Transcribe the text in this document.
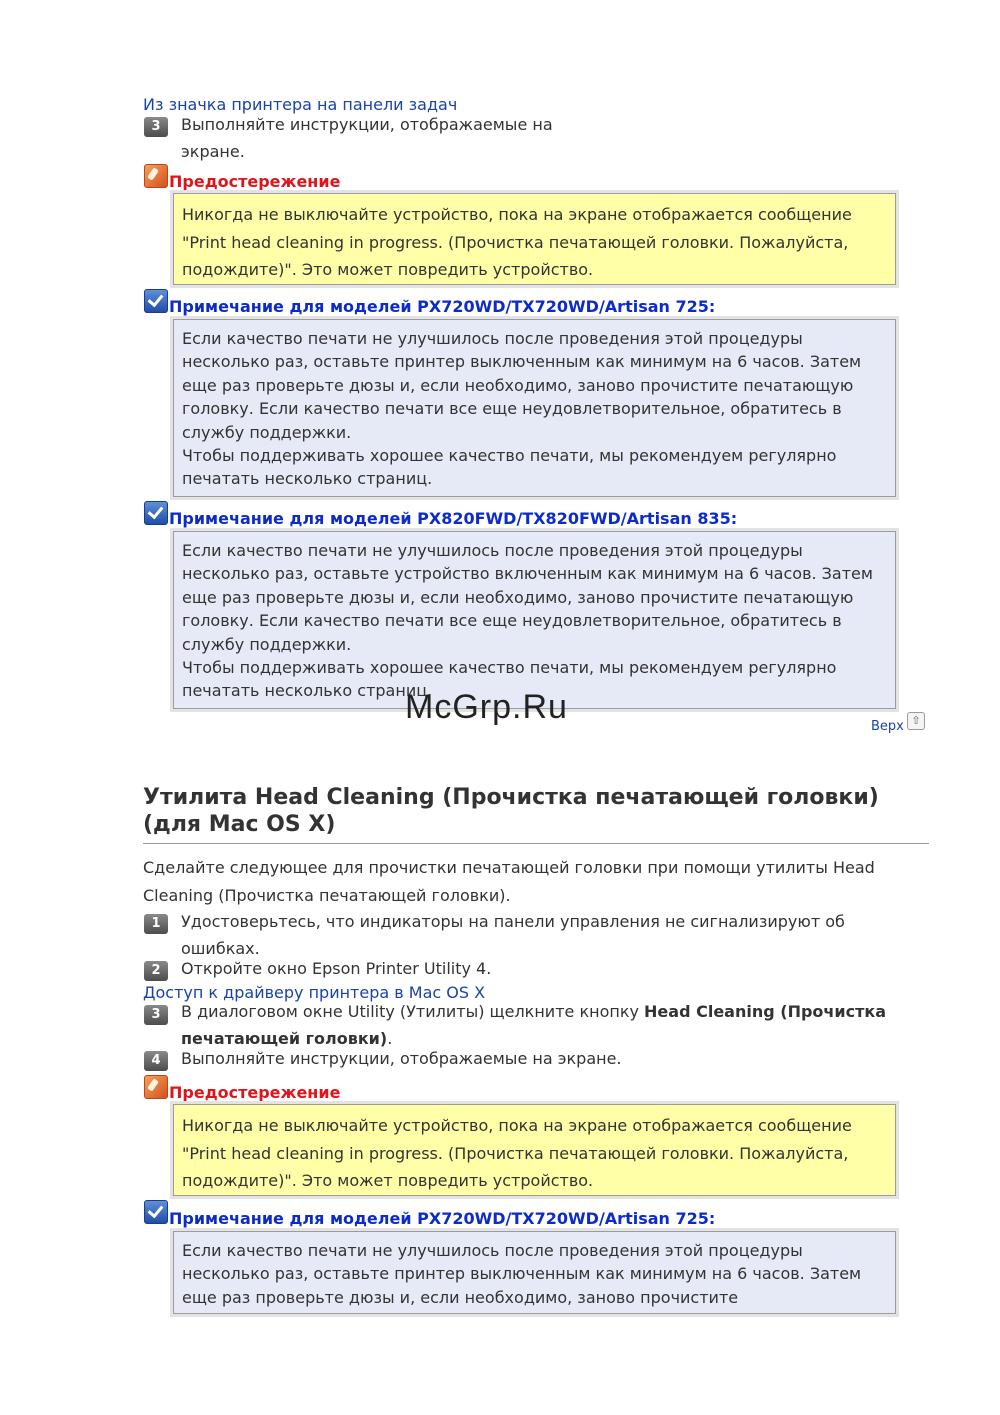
Из значка принтера на панели задач
3	Выполняйте инструкции, отображаемые на экране.
Предостережение
Никогда не выключайте устройство, пока на экране отображается сообщение "Print head cleaning in progress. (Прочистка печатающей головки. Пожалуйста, подождите)". Это может повредить устройство.
Примечание для моделей PX720WD/TX720WD/Artisan 725:
Если качество печати не улучшилось после проведения этой процедуры несколько раз, оставьте принтер выключенным как минимум на 6 часов. Затем еще раз проверьте дюзы и, если необходимо, заново прочистите печатающую головку. Если качество печати все еще неудовлетворительное, обратитесь в службу поддержки.
Чтобы поддерживать хорошее качество печати, мы рекомендуем регулярно печатать несколько страниц.
Примечание для моделей PX820FWD/TX820FWD/Artisan 835:
Если качество печати не улучшилось после проведения этой процедуры несколько раз, оставьте устройство включенным как минимум на 6 часов. Затем еще раз проверьте дюзы и, если необходимо, заново прочистите печатающую головку. Если качество печати все еще неудовлетворительное, обратитесь в службу поддержки.
Чтобы поддерживать хорошее качество печати, мы рекомендуем регулярно печатать несколько страниц.
McGrp.Ru
Верх ⇧
Утилита Head Cleaning (Прочистка печатающей головки)
(для Mac OS X)
Сделайте следующее для прочистки печатающей головки при помощи утилиты Head Cleaning (Прочистка печатающей головки).
1	Удостоверьтесь, что индикаторы на панели управления не сигнализируют об ошибках.
2	Откройте окно Epson Printer Utility 4.
Доступ к драйверу принтера в Mac OS X
3	В диалоговом окне Utility (Утилиты) щелкните кнопку Head Cleaning (Прочистка печатающей головки).
4	Выполняйте инструкции, отображаемые на экране.
Предостережение
Никогда не выключайте устройство, пока на экране отображается сообщение "Print head cleaning in progress. (Прочистка печатающей головки. Пожалуйста, подождите)". Это может повредить устройство.
Примечание для моделей PX720WD/TX720WD/Artisan 725:
Если качество печати не улучшилось после проведения этой процедуры несколько раз, оставьте принтер выключенным как минимум на 6 часов. Затем еще раз проверьте дюзы и, если необходимо, заново прочистите
